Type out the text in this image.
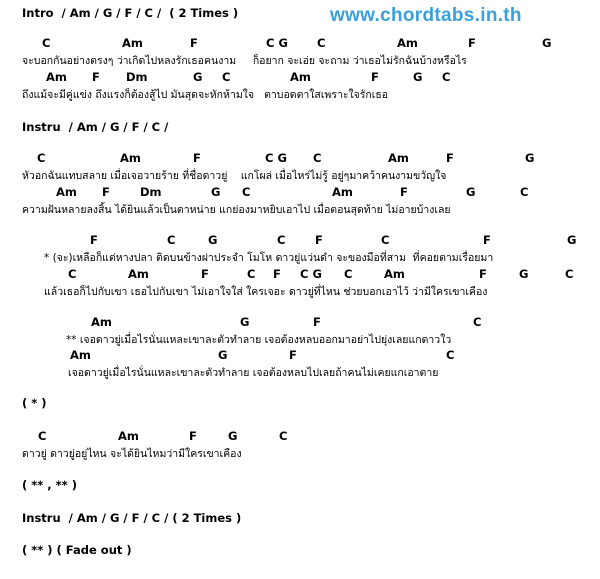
Intro  / Am / G / F / C /  ( 2 Times )	www.chordtabs.in.th

C

	Am

	F

	C G

	C

	Am

	F

	G

จะบอกกันอย่างตรงๆ ว่าเกิดไปหลงรักเธอคนงาม     ก็อยาก จะเอ่ย จะถาม ว่าเธอไม่รักฉันบ้างหรือไร

Am

F

Dm

	G

C

	Am

	F

	G

C

ถึงแม้จะมีคู่แข่ง ถึงแรงก็ต้องสู้ไป มันสุดจะหักห้ามใจ   ตาบอดตาใสเพราะใจรักเธอ
Instru  / Am / G / F / C /

C

	Am

	F

	C G

C

	Am

	F

	G

หัวอกฉันแทบสลาย เมื่อเจอวายร้าย ที่ชื่อดาวยู่    แกโผล่ เมื่อไหร่ไม่รู้ อยู่ๆมาคว้าคนงามขวัญใจ

Am

F

	Dm

	G

C

	Am

	F

	G

	C

ความฝันหลายลงสิ้น ได้ยินแล้วเป็นตาหน่าย แกย่องมาหยิบเอาไป เมื่อตอนสุดท้าย ไม่อายบ้างเลย

F

	C

	G

	C

	F

	C

	F

	G

* (จะ)เหลือก็แต่หางปลา ติดบนข้างฝาประจำ โมโห ดาวยู่แว่นดำ จะของมือที่สาม  ที่คอยตามเรื่อยมา

C

	Am

	F

	C

F

C G

C

	Am

	F

	G

	C

แล้วเธอก็ไปกับเขา เธอไปกับเขา ไม่เอาใจใส่ ใครเจอะ ดาวยู่ที่ไหน ช่วยบอกเอาไว้ ว่ามีใครเขาเคือง

Am

	G

	F

	C

** เจอดาวยู่เมื่อไรนั่นแหละเขาละตัวทำลาย เจอต้องหลบออกมาอย่าไปยุ่งเลยแกดาวใว

Am

	G

	F

	C

เจอดาวยู่เมื่อไรนั่นแหละเขาละตัวทำลาย เจอต้องหลบไปเลยถ้าคนไม่เคยแกเอาตาย
( * )

C

	Am

	F

	G

	C

ดาวยู่ ดาวยู่อยู่ไหน จะได้ยินไหมว่ามีใครเขาเคือง
( ** , ** )
Instru  / Am / G / F / C / ( 2 Times )
( ** ) ( Fade out )
